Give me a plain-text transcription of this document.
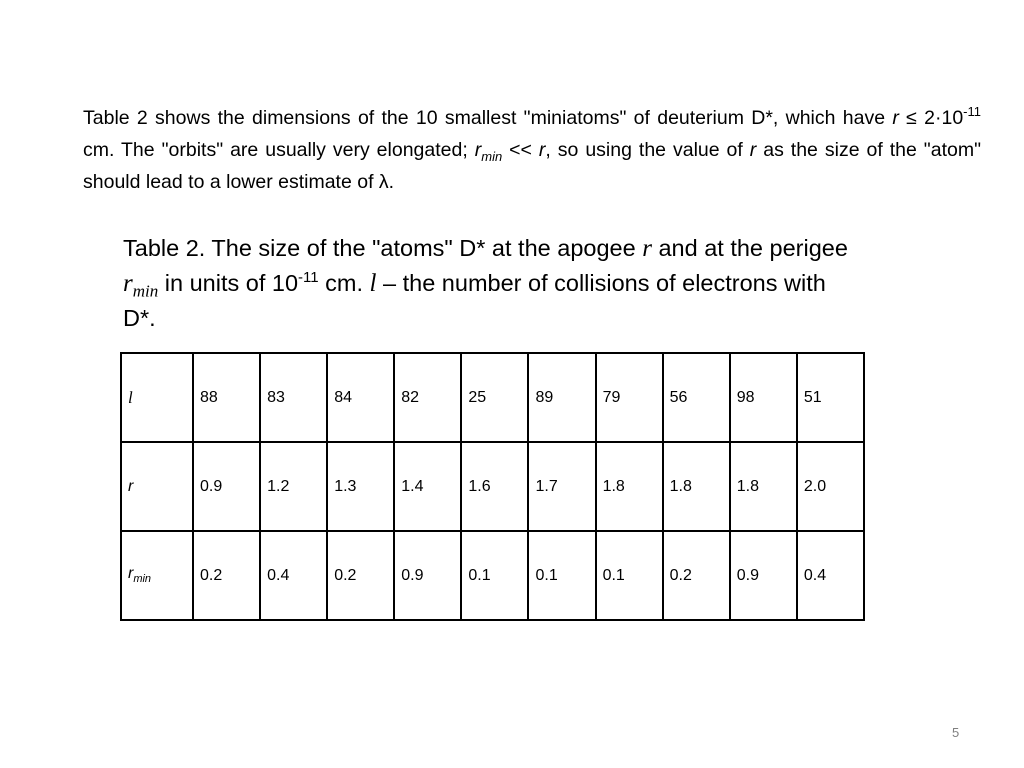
Table 2 shows the dimensions of the 10 smallest "miniatoms" of deuterium D*, which have $r \le 2\cdot 10^{-11}$ cm. The "orbits" are usually very elongated; $r_{min} << r$, so using the value of r as the size of the "atom" should lead to a lower estimate of λ.

Table 2. The size of the "atoms" D* at the apogee r and at the perigee $r_{min}$ in units of $10^{-11}$ cm. l – the number of collisions of electrons with D*.

l	88	83	84	82	25	89	79	56	98	51
r	0.9	1.2	1.3	1.4	1.6	1.7	1.8	1.8	1.8	2.0
$r_{min}$	0.2	0.4	0.2	0.9	0.1	0.1	0.1	0.2	0.9	0.4
5
